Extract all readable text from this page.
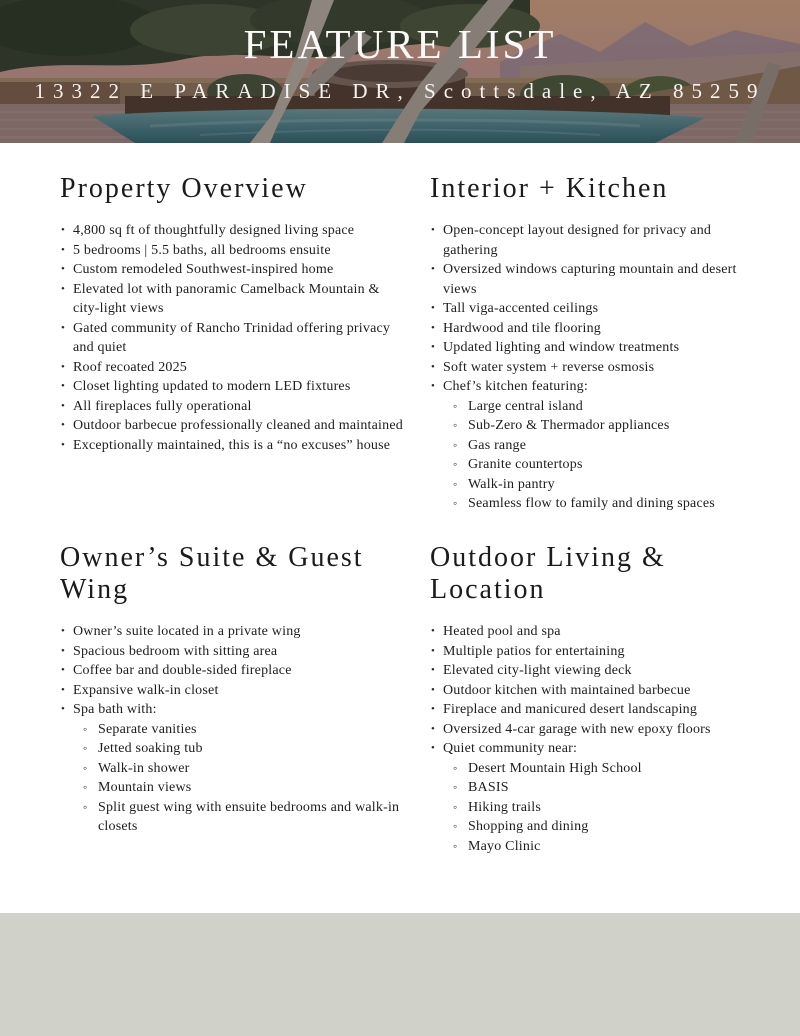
FEATURE LIST
13322 E PARADISE DR, Scottsdale, AZ 85259
Property Overview
• 4,800 sq ft of thoughtfully designed living space
• 5 bedrooms | 5.5 baths, all bedrooms ensuite
• Custom remodeled Southwest-inspired home
• Elevated lot with panoramic Camelback Mountain & city-light views
• Gated community of Rancho Trinidad offering privacy and quiet
• Roof recoated 2025
• Closet lighting updated to modern LED fixtures
• All fireplaces fully operational
• Outdoor barbecue professionally cleaned and maintained
• Exceptionally maintained, this is a “no excuses” house
Interior + Kitchen
• Open-concept layout designed for privacy and gathering
• Oversized windows capturing mountain and desert views
• Tall viga-accented ceilings
• Hardwood and tile flooring
• Updated lighting and window treatments
• Soft water system + reverse osmosis
• Chef’s kitchen featuring:
◦ Large central island
◦ Sub-Zero & Thermador appliances
◦ Gas range
◦ Granite countertops
◦ Walk-in pantry
◦ Seamless flow to family and dining spaces
Owner’s Suite & Guest Wing
• Owner’s suite located in a private wing
• Spacious bedroom with sitting area
• Coffee bar and double-sided fireplace
• Expansive walk-in closet
• Spa bath with:
◦ Separate vanities
◦ Jetted soaking tub
◦ Walk-in shower
◦ Mountain views
◦ Split guest wing with ensuite bedrooms and walk-in closets
Outdoor Living & Location
• Heated pool and spa
• Multiple patios for entertaining
• Elevated city-light viewing deck
• Outdoor kitchen with maintained barbecue
• Fireplace and manicured desert landscaping
• Oversized 4-car garage with new epoxy floors
• Quiet community near:
◦ Desert Mountain High School
◦ BASIS
◦ Hiking trails
◦ Shopping and dining
◦ Mayo Clinic
